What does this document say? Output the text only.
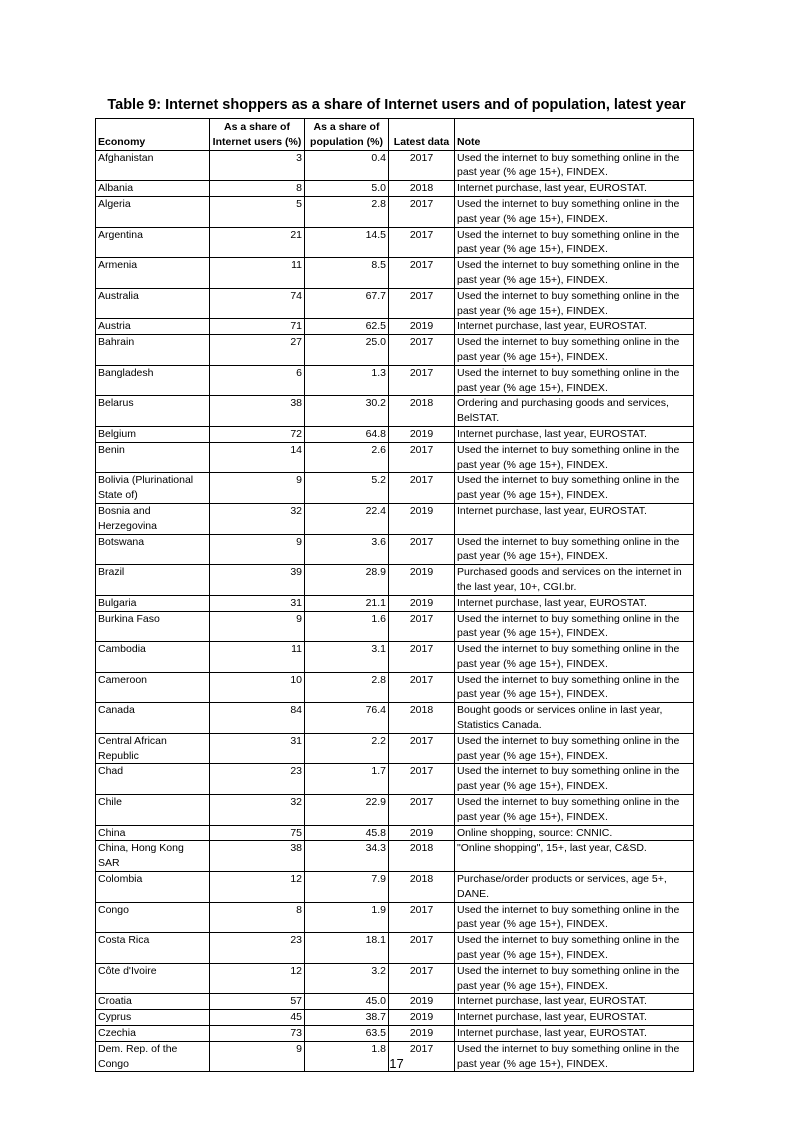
Table 9: Internet shoppers as a share of Internet users and of population, latest year
Economy	As a share of Internet users (%)	As a share of population (%)	Latest data	Note
Afghanistan	3	0.4	2017	Used the internet to buy something online in the past year (% age 15+), FINDEX.
Albania	8	5.0	2018	Internet purchase, last year, EUROSTAT.
Algeria	5	2.8	2017	Used the internet to buy something online in the past year (% age 15+), FINDEX.
Argentina	21	14.5	2017	Used the internet to buy something online in the past year (% age 15+), FINDEX.
Armenia	11	8.5	2017	Used the internet to buy something online in the past year (% age 15+), FINDEX.
Australia	74	67.7	2017	Used the internet to buy something online in the past year (% age 15+), FINDEX.
Austria	71	62.5	2019	Internet purchase, last year, EUROSTAT.
Bahrain	27	25.0	2017	Used the internet to buy something online in the past year (% age 15+), FINDEX.
Bangladesh	6	1.3	2017	Used the internet to buy something online in the past year (% age 15+), FINDEX.
Belarus	38	30.2	2018	Ordering and purchasing goods and services, BelSTAT.
Belgium	72	64.8	2019	Internet purchase, last year, EUROSTAT.
Benin	14	2.6	2017	Used the internet to buy something online in the past year (% age 15+), FINDEX.
Bolivia (Plurinational State of)	9	5.2	2017	Used the internet to buy something online in the past year (% age 15+), FINDEX.
Bosnia and Herzegovina	32	22.4	2019	Internet purchase, last year, EUROSTAT.
Botswana	9	3.6	2017	Used the internet to buy something online in the past year (% age 15+), FINDEX.
Brazil	39	28.9	2019	Purchased goods and services on the internet in the last year, 10+, CGI.br.
Bulgaria	31	21.1	2019	Internet purchase, last year, EUROSTAT.
Burkina Faso	9	1.6	2017	Used the internet to buy something online in the past year (% age 15+), FINDEX.
Cambodia	11	3.1	2017	Used the internet to buy something online in the past year (% age 15+), FINDEX.
Cameroon	10	2.8	2017	Used the internet to buy something online in the past year (% age 15+), FINDEX.
Canada	84	76.4	2018	Bought goods or services online in last year, Statistics Canada.
Central African Republic	31	2.2	2017	Used the internet to buy something online in the past year (% age 15+), FINDEX.
Chad	23	1.7	2017	Used the internet to buy something online in the past year (% age 15+), FINDEX.
Chile	32	22.9	2017	Used the internet to buy something online in the past year (% age 15+), FINDEX.
China	75	45.8	2019	Online shopping, source: CNNIC.
China, Hong Kong SAR	38	34.3	2018	"Online shopping", 15+, last year, C&SD.
Colombia	12	7.9	2018	Purchase/order products or services, age 5+, DANE.
Congo	8	1.9	2017	Used the internet to buy something online in the past year (% age 15+), FINDEX.
Costa Rica	23	18.1	2017	Used the internet to buy something online in the past year (% age 15+), FINDEX.
Côte d'Ivoire	12	3.2	2017	Used the internet to buy something online in the past year (% age 15+), FINDEX.
Croatia	57	45.0	2019	Internet purchase, last year, EUROSTAT.
Cyprus	45	38.7	2019	Internet purchase, last year, EUROSTAT.
Czechia	73	63.5	2019	Internet purchase, last year, EUROSTAT.
Dem. Rep. of the Congo	9	1.8	2017	Used the internet to buy something online in the past year (% age 15+), FINDEX.
17
